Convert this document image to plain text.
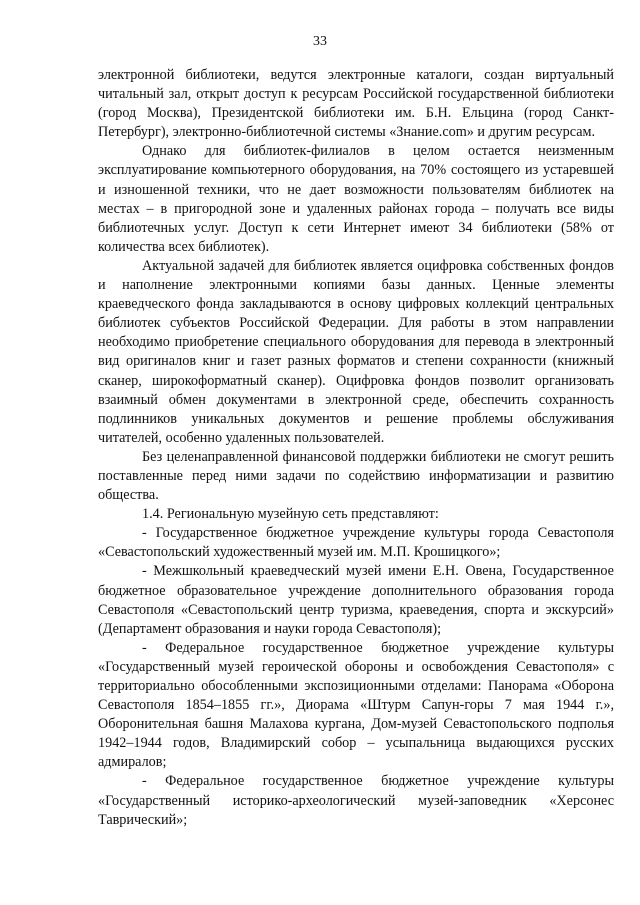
33

электронной библиотеки, ведутся электронные каталоги, создан виртуальный читальный зал, открыт доступ к ресурсам Российской государственной библиотеки (город Москва), Президентской библиотеки им. Б.Н. Ельцина (город Санкт-Петербург), электронно-библиотечной системы «Знание.com» и другим ресурсам.

Однако для библиотек-филиалов в целом остается неизменным эксплуатирование компьютерного оборудования, на 70% состоящего из устаревшей и изношенной техники, что не дает возможности пользователям библиотек на местах – в пригородной зоне и удаленных районах города – получать все виды библиотечных услуг. Доступ к сети Интернет имеют 34 библиотеки (58% от количества всех библиотек).

Актуальной задачей для библиотек является оцифровка собственных фондов и наполнение электронными копиями базы данных. Ценные элементы краеведческого фонда закладываются в основу цифровых коллекций центральных библиотек субъектов Российской Федерации. Для работы в этом направлении необходимо приобретение специального оборудования для перевода в электронный вид оригиналов книг и газет разных форматов и степени сохранности (книжный сканер, широкоформатный сканер). Оцифровка фондов позволит организовать взаимный обмен документами в электронной среде, обеспечить сохранность подлинников уникальных документов и решение проблемы обслуживания читателей, особенно удаленных пользователей.

Без целенаправленной финансовой поддержки библиотеки не смогут решить поставленные перед ними задачи по содействию информатизации и развитию общества.

1.4. Региональную музейную сеть представляют:

- Государственное бюджетное учреждение культуры города Севастополя «Севастопольский художественный музей им. М.П. Крошицкого»;

- Межшкольный краеведческий музей имени Е.Н. Овена, Государственное бюджетное образовательное учреждение дополнительного образования города Севастополя «Севастопольский центр туризма, краеведения, спорта и экскурсий» (Департамент образования и науки города Севастополя);

- Федеральное государственное бюджетное учреждение культуры «Государственный музей героической обороны и освобождения Севастополя» с территориально обособленными экспозиционными отделами: Панорама «Оборона Севастополя 1854–1855 гг.», Диорама «Штурм Сапун-горы 7 мая 1944 г.», Оборонительная башня Малахова кургана, Дом-музей Севастопольского подполья 1942–1944 годов, Владимирский собор – усыпальница выдающихся русских адмиралов;

- Федеральное государственное бюджетное учреждение культуры «Государственный историко-археологический музей-заповедник «Херсонес Таврический»;
